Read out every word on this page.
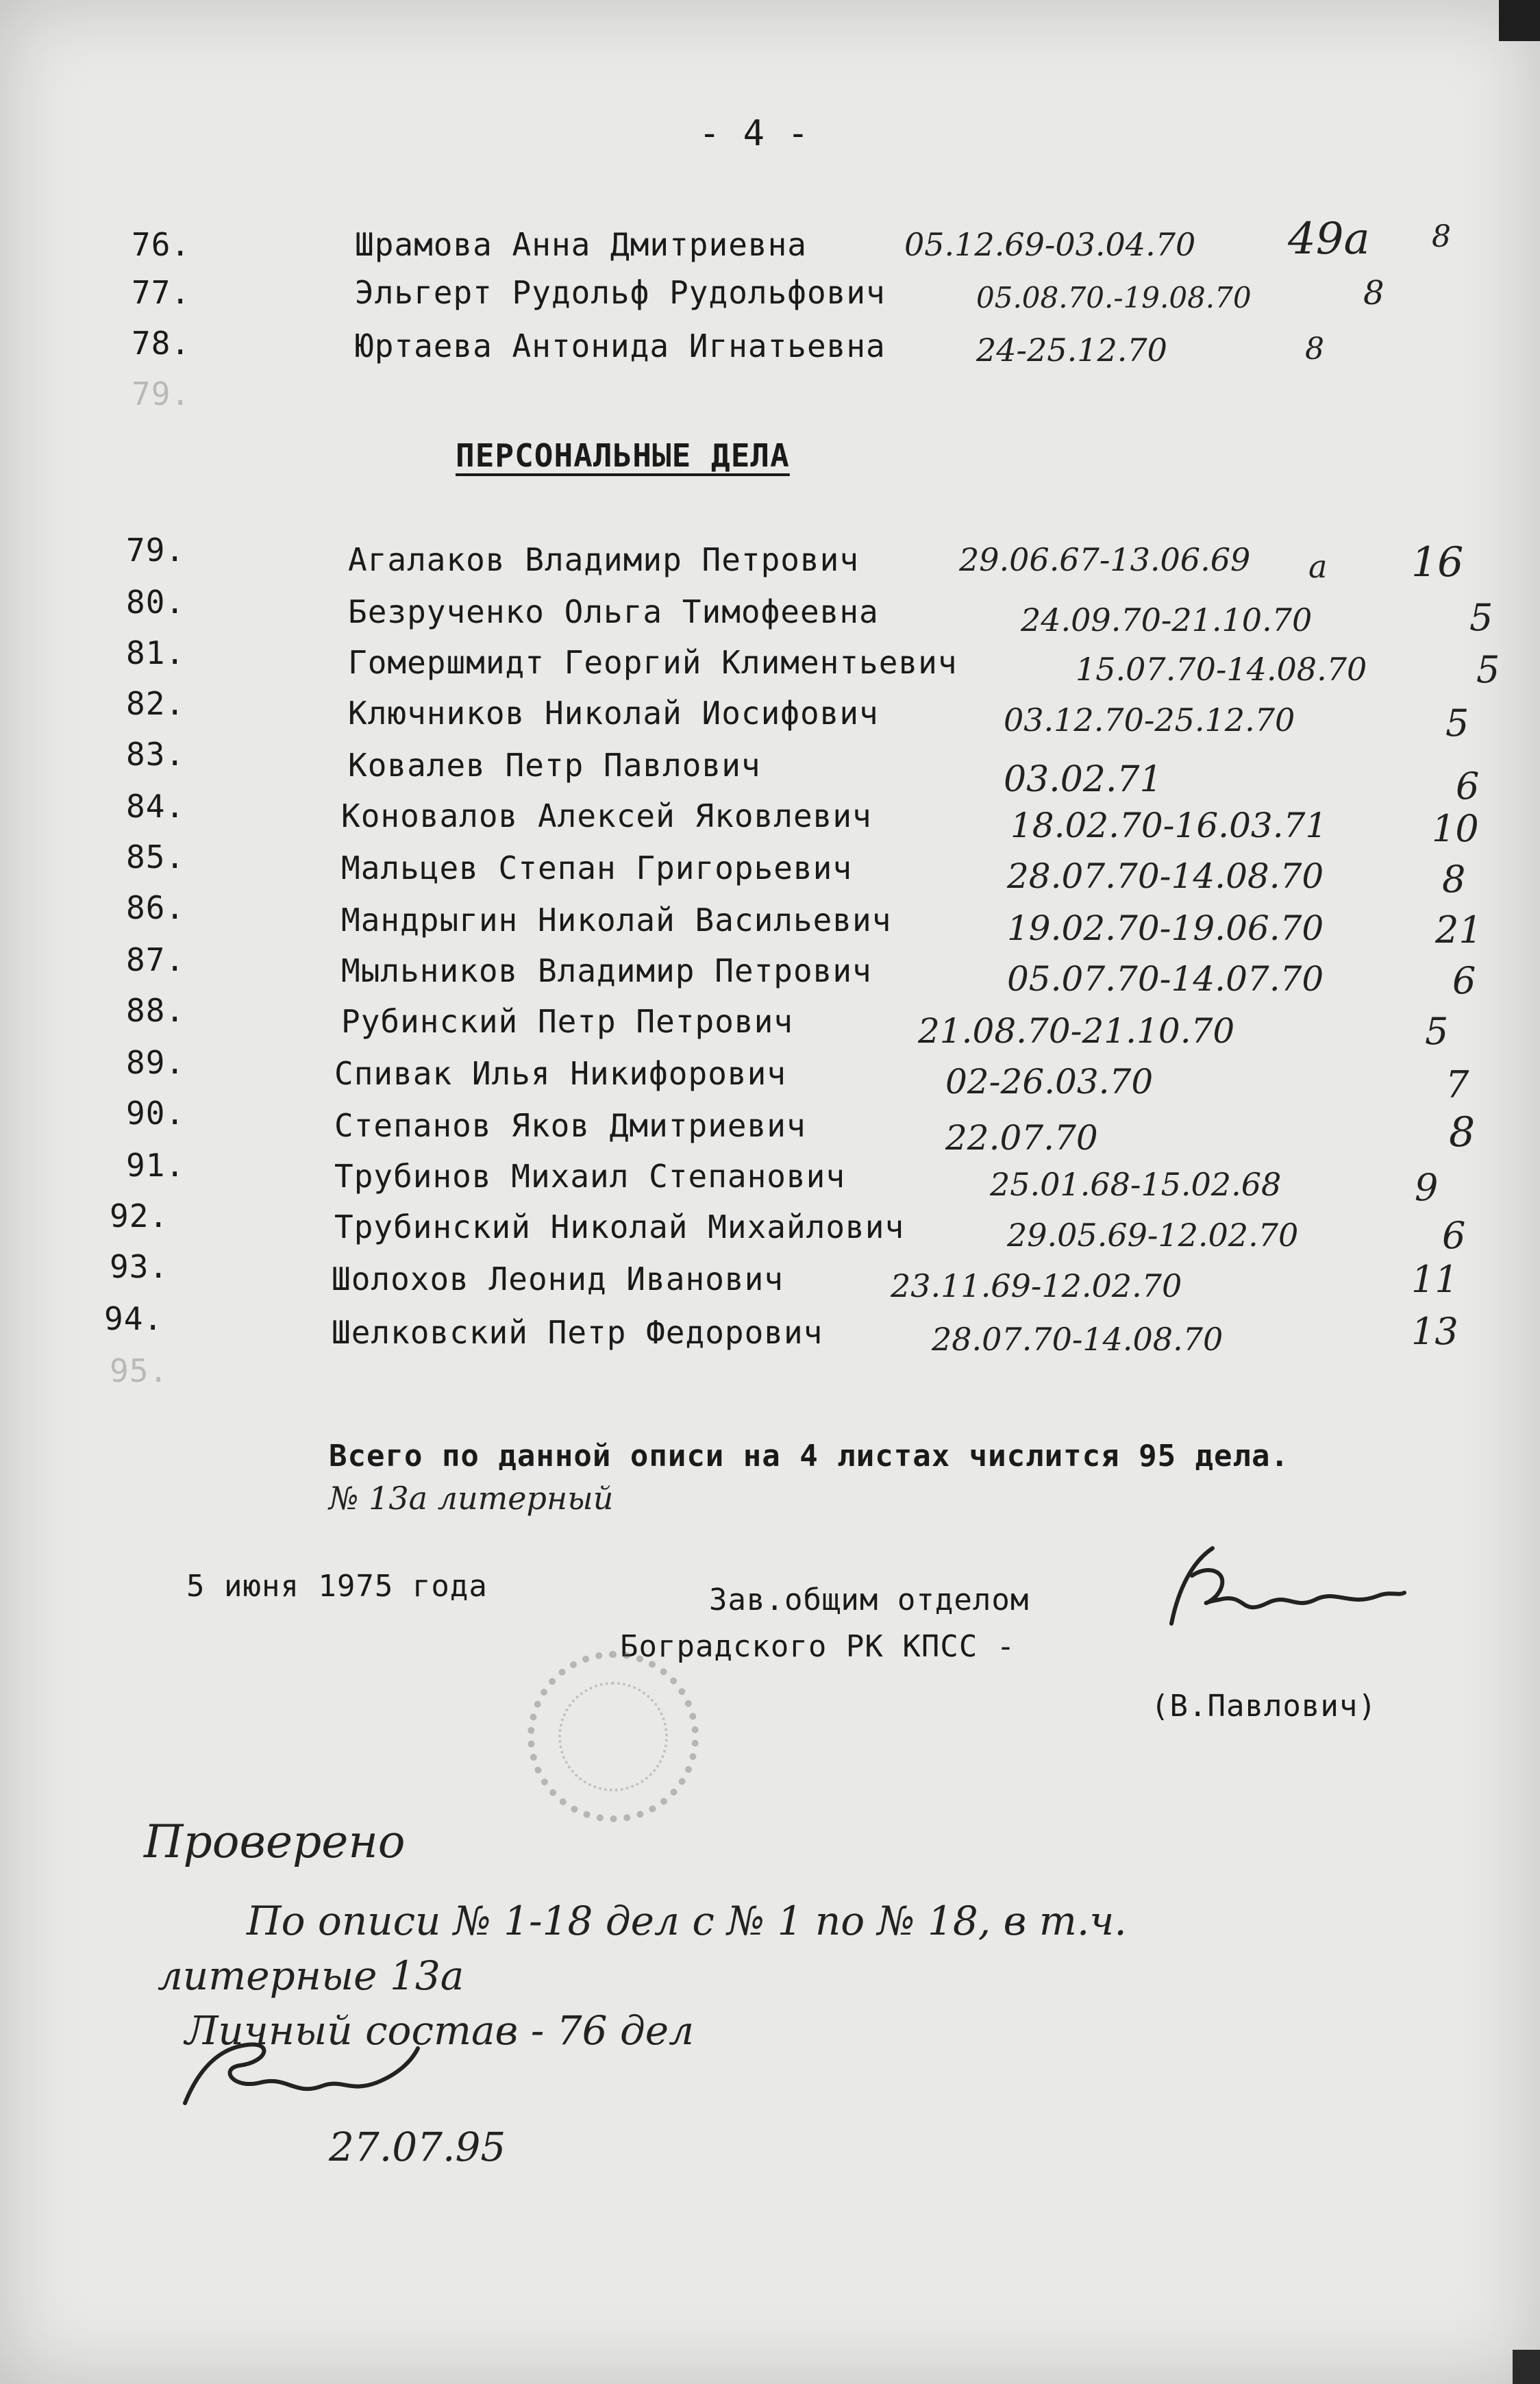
- 4 -
76.	Шрамова Анна Дмитриевна	05.12.69-03.04.70 49а 8
77.	Эльгерт Рудольф Рудольфович	05.08.70.-19.08.70	8
78.	Юртаева Антонида Игнатьевна	24-25.12.70	8
79.
ПЕРСОНАЛЬНЫЕ ДЕЛА
79.	Агалаков Владимир Петрович	29.06.67-13.06.69 а 16
80.	Безрученко Ольга Тимофеевна	24.09.70-21.10.70	5
81.	Гомершмидт Георгий Климентьевич	15.07.70-14.08.70	5
82.	Ключников Николай Иосифович	03.12.70-25.12.70	5
83.	Ковалев Петр Павлович	03.02.71	6
84.	Коновалов Алексей Яковлевич	18.02.70-16.03.71	10
85.	Мальцев Степан Григорьевич	28.07.70-14.08.70	8
86.	Мандрыгин Николай Васильевич	19.02.70-19.06.70	21
87.	Мыльников Владимир Петрович	05.07.70-14.07.70	6
88.	Рубинский Петр Петрович	21.08.70-21.10.70	5
89.	Спивак Илья Никифорович	02-26.03.70	7
90.	Степанов Яков Дмитриевич	22.07.70	8
91.	Трубинов Михаил Степанович	25.01.68-15.02.68	9
92.	Трубинский Николай Михайлович	29.05.69-12.02.70	6
93.	Шолохов Леонид Иванович	23.11.69-12.02.70	11
94.	Шелковский Петр Федорович	28.07.70-14.08.70	13
95.
Всего по данной описи на 4 листах числится 95 дела.
№ 13а литерный
5 июня 1975 года	Зав.общим отделом
Боградского РК КПСС -
(В.Павлович)
Проверено
По описи № 1-18 дел с № 1 по № 18, в т.ч.
литерные 13а
Личный состав - 76 дел
27.07.95
